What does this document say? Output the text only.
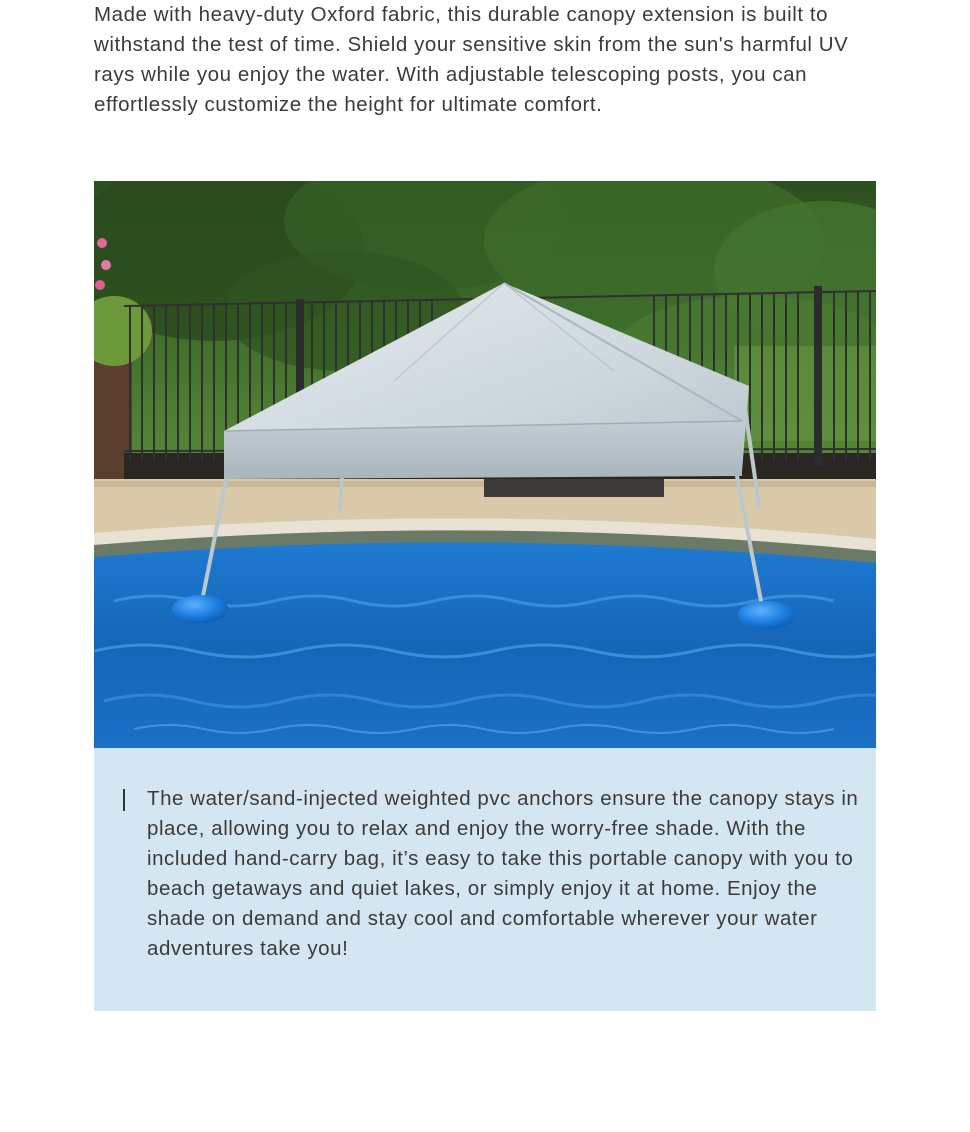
Made with heavy-duty Oxford fabric, this durable canopy extension is built to withstand the test of time. Shield your sensitive skin from the sun's harmful UV rays while you enjoy the water. With adjustable telescoping posts, you can effortlessly customize the height for ultimate comfort.

The water/sand-injected weighted pvc anchors ensure the canopy stays in place, allowing you to relax and enjoy the worry-free shade. With the included hand-carry bag, it’s easy to take this portable canopy with you to beach getaways and quiet lakes, or simply enjoy it at home. Enjoy the shade on demand and stay cool and comfortable wherever your water adventures take you!
